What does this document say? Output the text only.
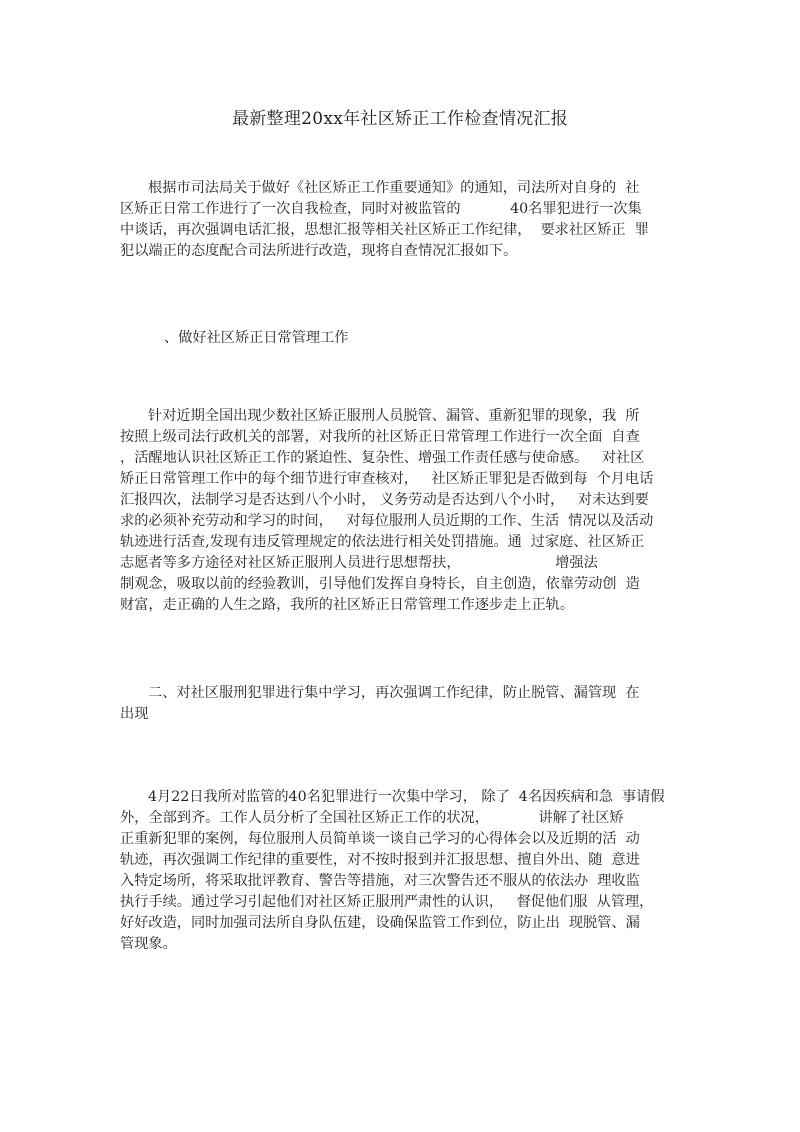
最新整理20xx年社区矫正工作检查情况汇报

根据市司法局关于做好《社区矫正工作重要通知》的通知，司法所对自身的  社

区矫正日常工作进行了一次自我检查，同时对被监管的           40名罪犯进行一次集

中谈话，再次强调电话汇报，思想汇报等相关社区矫正工作纪律，  要求社区矫正  罪

犯以端正的态度配合司法所进行改造，现将自查情况汇报如下。

、做好社区矫正日常管理工作

针对近期全国出现少数社区矫正服刑人员脱管、漏管、重新犯罪的现象，我  所

按照上级司法行政机关的部署，对我所的社区矫正日常管理工作进行一次全面  自查

，活醒地认识社区矫正工作的紧迫性、复杂性、增强工作责任感与使命感。   对社区

矫正日常管理工作中的每个细节进行审查核对，   社区矫正罪犯是否做到每  个月电话

汇报四次，法制学习是否达到八个小时， 义务劳动是否达到八个小时，   对未达到要

求的必须补充劳动和学习的时间，   对每位服刑人员近期的工作、生活  情况以及活动

轨迹进行活查,发现有违反管理规定的依法进行相关处罚措施。通  过家庭、社区矫正

志愿者等多方途径对社区矫正服刑人员进行思想帮扶，                     增强法

制观念，吸取以前的经验教训，引导他们发挥自身特长，自主创造，依靠劳动创  造

财富，走正确的人生之路，我所的社区矫正日常管理工作逐步走上正轨。

二、对社区服刑犯罪进行集中学习，再次强调工作纪律，防止脱管、漏管现  在

出现

4月22日我所对监管的40名犯罪进行一次集中学习， 除了  4名因疾病和急  事请假

外，全部到齐。工作人员分析了全国社区矫正工作的状况，           讲解了社区矫

正重新犯罪的案例，每位服刑人员简单谈一谈自己学习的心得体会以及近期的活  动

轨迹，再次强调工作纪律的重要性，对不按时报到并汇报思想、擅自外出、随  意进

入特定场所，将采取批评教育、警告等措施，对三次警告还不服从的依法办  理收监

执行手续。通过学习引起他们对社区矫正服刑严肃性的认识，   督促他们服  从管理，

好好改造，同时加强司法所自身队伍建，设确保监管工作到位，防止出  现脱管、漏

管现象。
